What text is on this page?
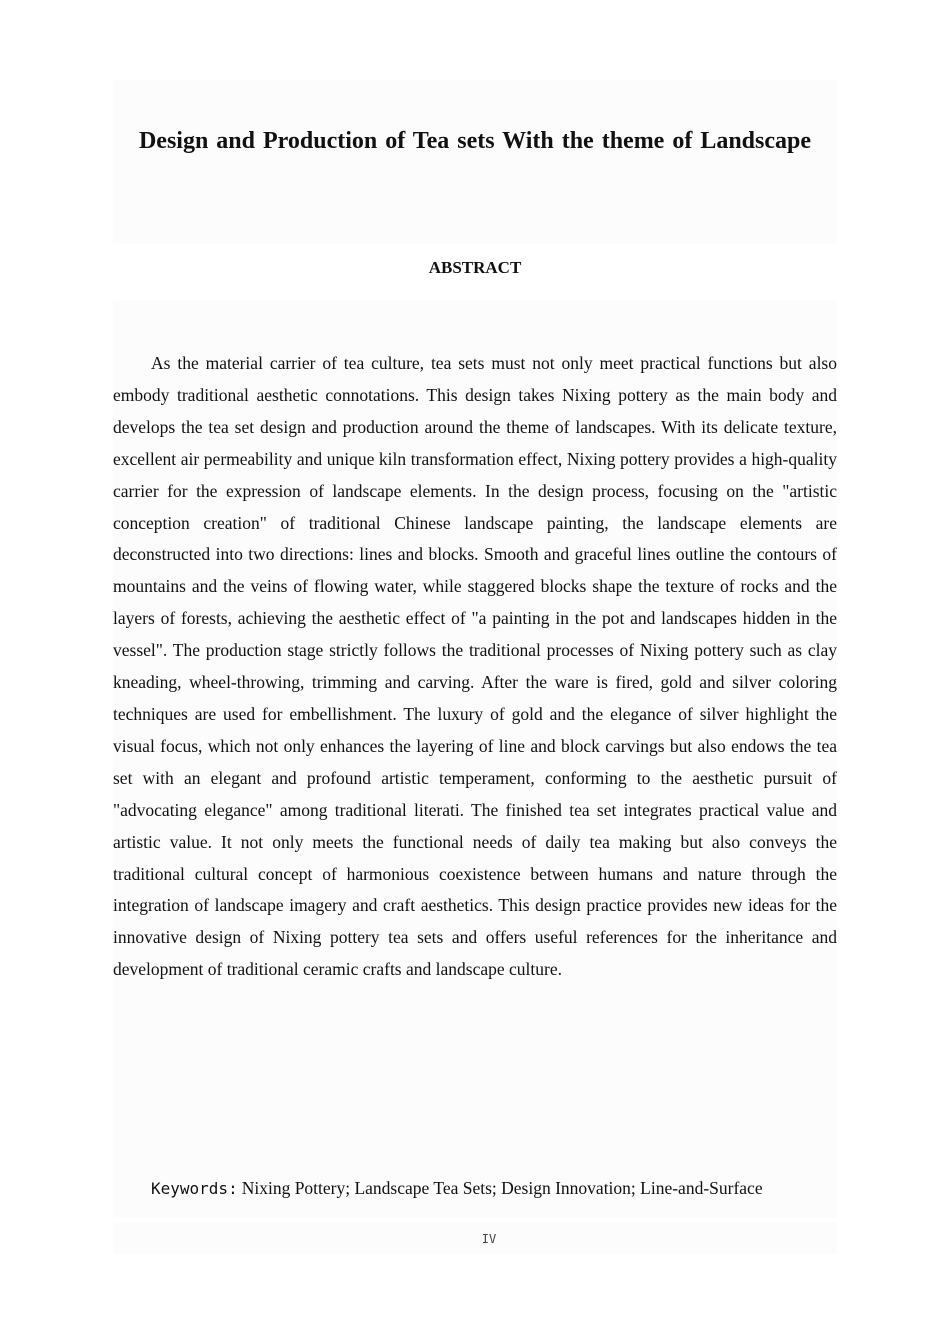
Design and Production of Tea sets With the theme of Landscape
ABSTRACT

As the material carrier of tea culture, tea sets must not only meet practical functions but also embody traditional aesthetic connotations. This design takes Nixing pottery as the main body and develops the tea set design and production around the theme of landscapes. With its delicate texture, excellent air permeability and unique kiln transformation effect, Nixing pottery provides a high-quality carrier for the expression of landscape elements. In the design process, focusing on the "artistic conception creation" of traditional Chinese landscape painting, the landscape elements are deconstructed into two directions: lines and blocks. Smooth and graceful lines outline the contours of mountains and the veins of flowing water, while staggered blocks shape the texture of rocks and the layers of forests, achieving the aesthetic effect of "a painting in the pot and landscapes hidden in the vessel". The production stage strictly follows the traditional processes of Nixing pottery such as clay kneading, wheel-throwing, trimming and carving. After the ware is fired, gold and silver coloring techniques are used for embellishment. The luxury of gold and the elegance of silver highlight the visual focus, which not only enhances the layering of line and block carvings but also endows the tea set with an elegant and profound artistic temperament, conforming to the aesthetic pursuit of "advocating elegance" among traditional literati. The finished tea set integrates practical value and artistic value. It not only meets the functional needs of daily tea making but also conveys the traditional cultural concept of harmonious coexistence between humans and nature through the integration of landscape imagery and craft aesthetics. This design practice provides new ideas for the innovative design of Nixing pottery tea sets and offers useful references for the inheritance and development of traditional ceramic crafts and landscape culture.

Keywords: Nixing Pottery; Landscape Tea Sets; Design Innovation; Line-and-Surface
IV
